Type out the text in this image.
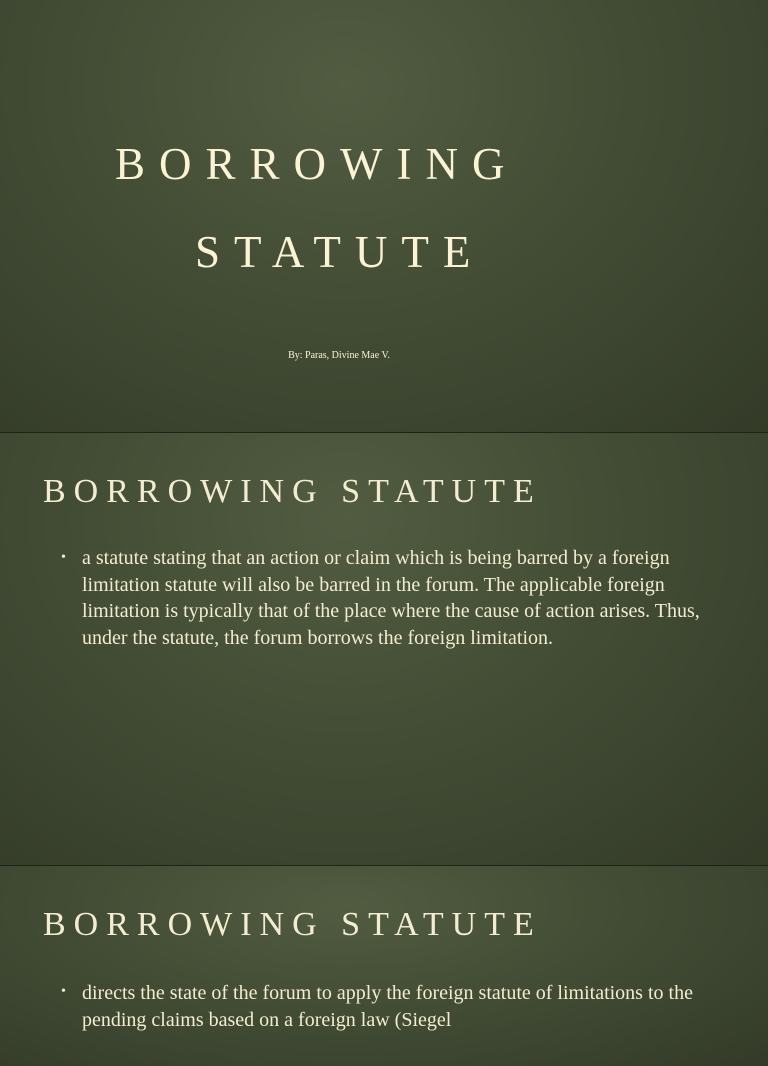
BORROWING
STATUTE
By: Paras, Divine Mae V.
BORROWING STATUTE
• a statute stating that an action or claim which is being barred by a foreign limitation statute will also be barred in the forum. The applicable foreign limitation is typically that of the place where the cause of action arises. Thus, under the statute, the forum borrows the foreign limitation.
BORROWING STATUTE
• directs the state of the forum to apply the foreign statute of limitations to the pending claims based on a foreign law (Siegel
